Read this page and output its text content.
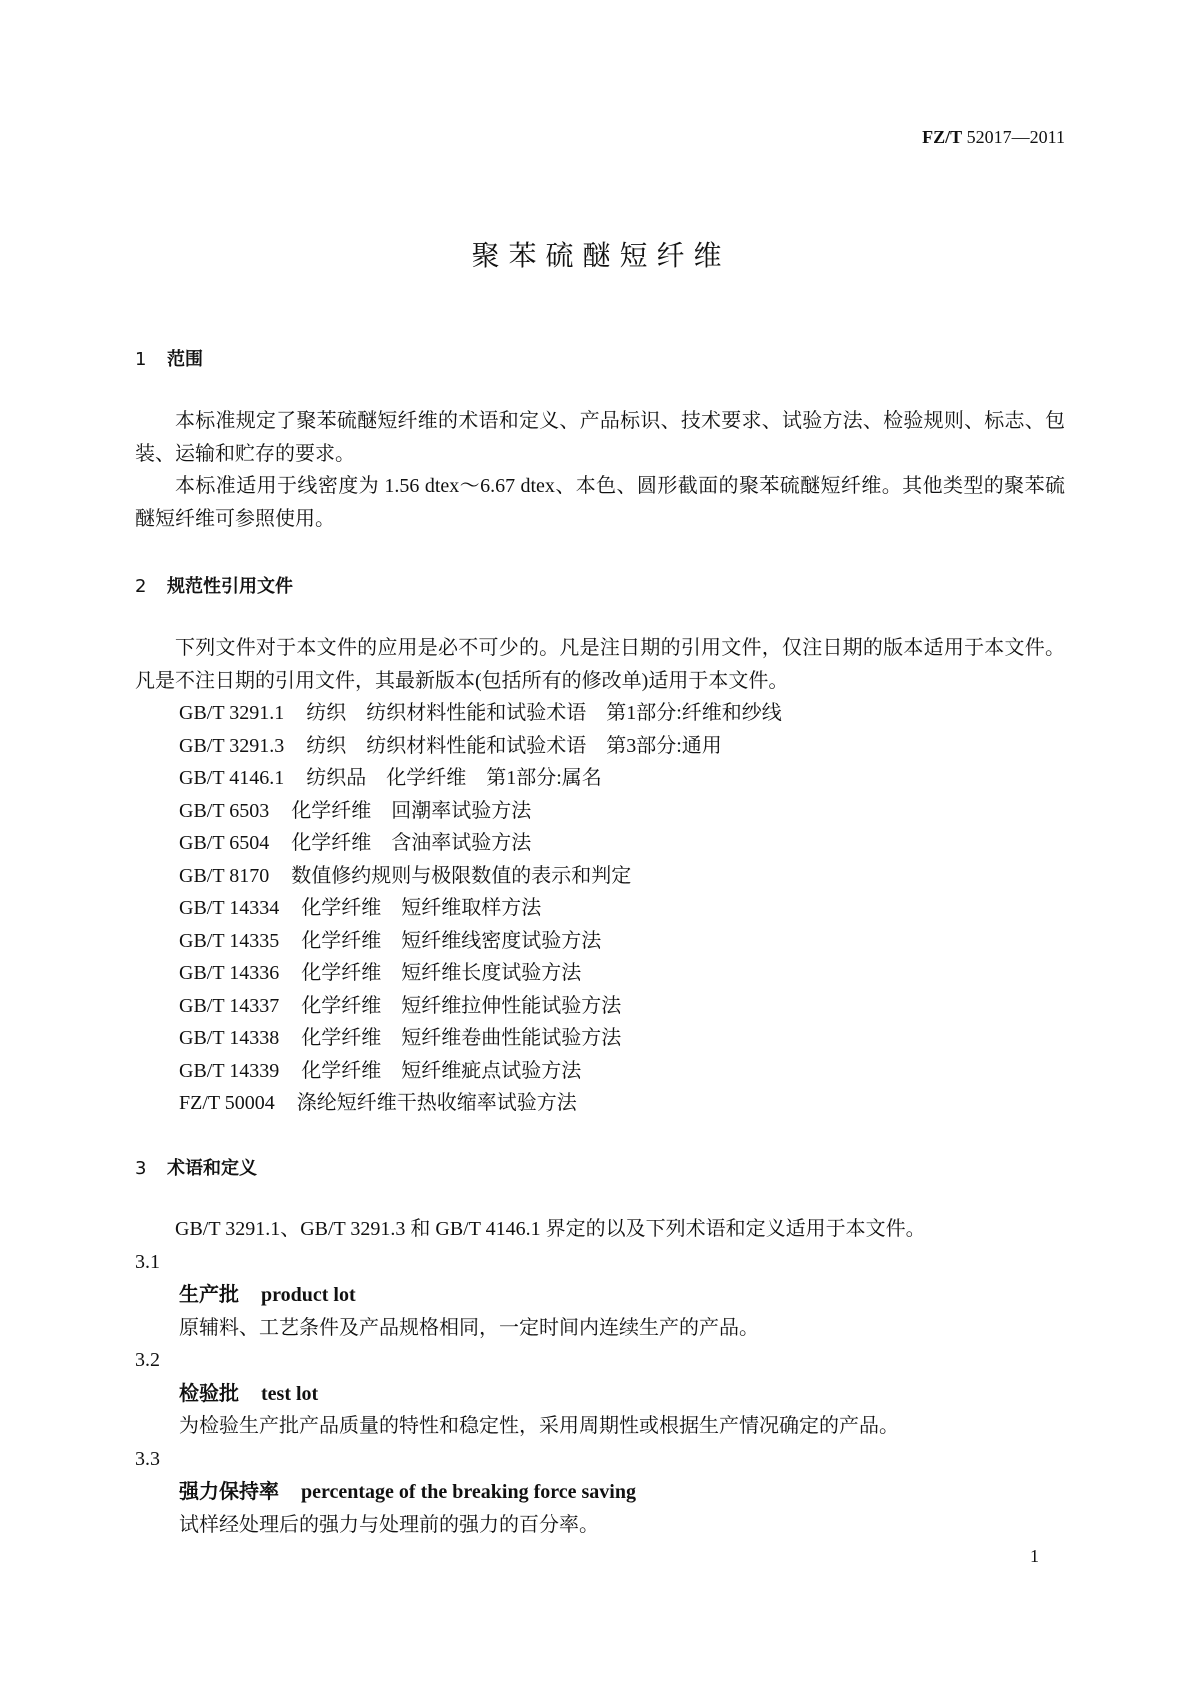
FZ/T 52017—2011
聚苯硫醚短纤维
1 范围

本标准规定了聚苯硫醚短纤维的术语和定义、产品标识、技术要求、试验方法、检验规则、标志、包装、运输和贮存的要求。

本标准适用于线密度为 1.56 dtex～6.67 dtex、本色、圆形截面的聚苯硫醚短纤维。其他类型的聚苯硫醚短纤维可参照使用。

2 规范性引用文件

下列文件对于本文件的应用是必不可少的。凡是注日期的引用文件，仅注日期的版本适用于本文件。凡是不注日期的引用文件，其最新版本(包括所有的修改单)适用于本文件。

GB/T 3291.1 纺织　纺织材料性能和试验术语　第1部分:纤维和纱线
GB/T 3291.3 纺织　纺织材料性能和试验术语　第3部分:通用
GB/T 4146.1 纺织品　化学纤维　第1部分:属名
GB/T 6503 化学纤维　回潮率试验方法
GB/T 6504 化学纤维　含油率试验方法
GB/T 8170 数值修约规则与极限数值的表示和判定
GB/T 14334 化学纤维　短纤维取样方法
GB/T 14335 化学纤维　短纤维线密度试验方法
GB/T 14336 化学纤维　短纤维长度试验方法
GB/T 14337 化学纤维　短纤维拉伸性能试验方法
GB/T 14338 化学纤维　短纤维卷曲性能试验方法
GB/T 14339 化学纤维　短纤维疵点试验方法
FZ/T 50004 涤纶短纤维干热收缩率试验方法
3 术语和定义

GB/T 3291.1、GB/T 3291.3 和 GB/T 4146.1 界定的以及下列术语和定义适用于本文件。

3.1
生产批 product lot
原辅料、工艺条件及产品规格相同，一定时间内连续生产的产品。
3.2
检验批 test lot
为检验生产批产品质量的特性和稳定性，采用周期性或根据生产情况确定的产品。
3.3
强力保持率 percentage of the breaking force saving
试样经处理后的强力与处理前的强力的百分率。
1
